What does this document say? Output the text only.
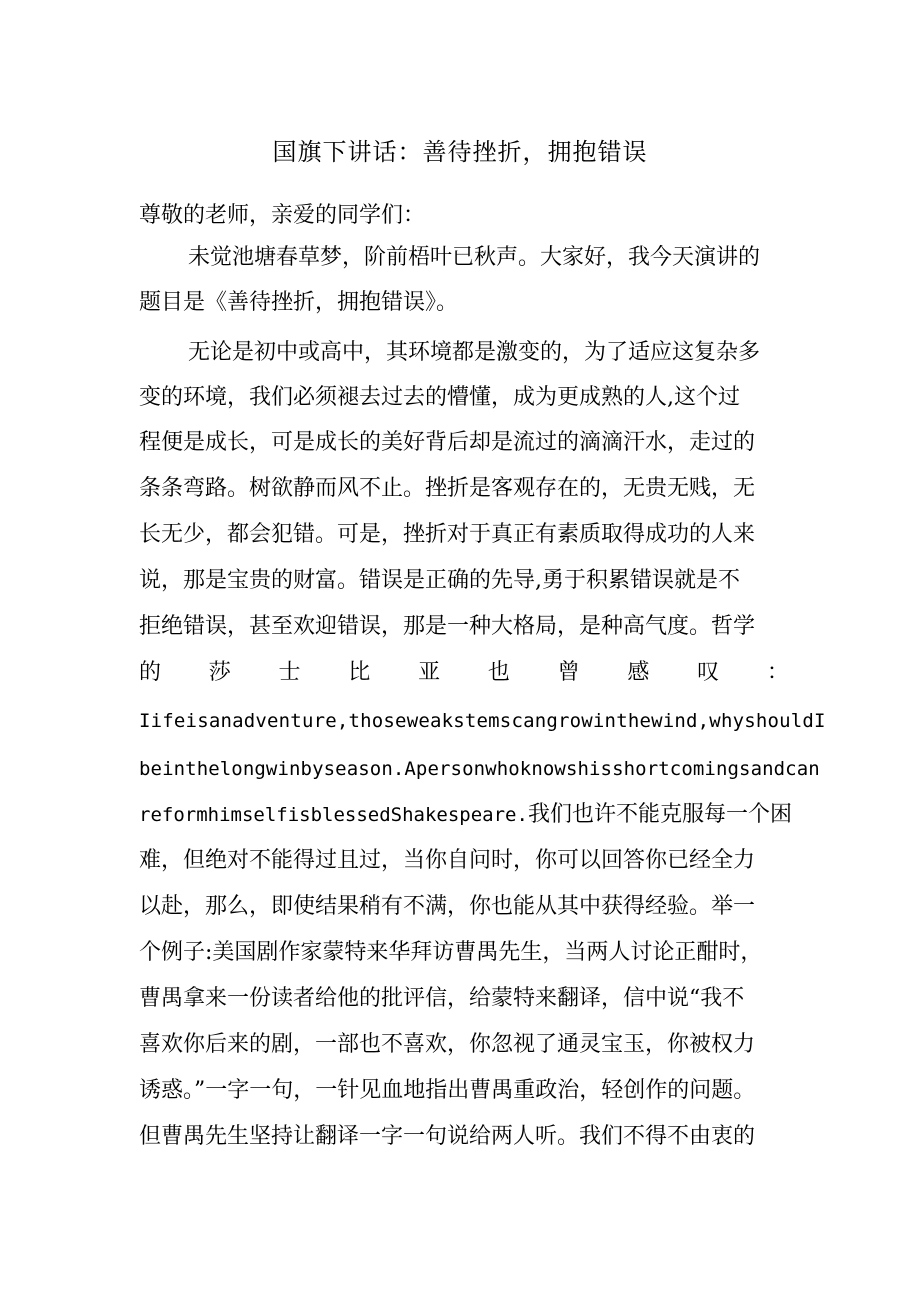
国旗下讲话：善待挫折，拥抱错误
尊敬的老师，亲爱的同学们：
未觉池塘春草梦，阶前梧叶已秋声。大家好，我今天演讲的
题目是《善待挫折，拥抱错误》。
无论是初中或高中，其环境都是激变的，为了适应这复杂多
变的环境，我们必须褪去过去的懵懂，成为更成熟的人,这个过
程便是成长，可是成长的美好背后却是流过的滴滴汗水，走过的
条条弯路。树欲静而风不止。挫折是客观存在的，无贵无贱，无
长无少，都会犯错。可是，挫折对于真正有素质取得成功的人来
说，那是宝贵的财富。错误是正确的先导,勇于积累错误就是不
拒绝错误，甚至欢迎错误，那是一种大格局，是种高气度。哲学
的 莎 士 比 亚 也 曾 感 叹 ：
Iifeisanadventure,thoseweakstemscangrowinthewind,whyshouldI
beinthelongwinbyseason.Apersonwhoknowshisshortcomingsandcan
reformhimselfisblessedShakespeare.我们也许不能克服每一个困
难，但绝对不能得过且过，当你自问时，你可以回答你已经全力
以赴，那么，即使结果稍有不满，你也能从其中获得经验。举一
个例子:美国剧作家蒙特来华拜访曹禺先生，当两人讨论正酣时，
曹禺拿来一份读者给他的批评信，给蒙特来翻译，信中说“我不
喜欢你后来的剧，一部也不喜欢，你忽视了通灵宝玉，你被权力
诱惑。”一字一句，一针见血地指出曹禺重政治，轻创作的问题。
但曹禺先生坚持让翻译一字一句说给两人听。我们不得不由衷的
